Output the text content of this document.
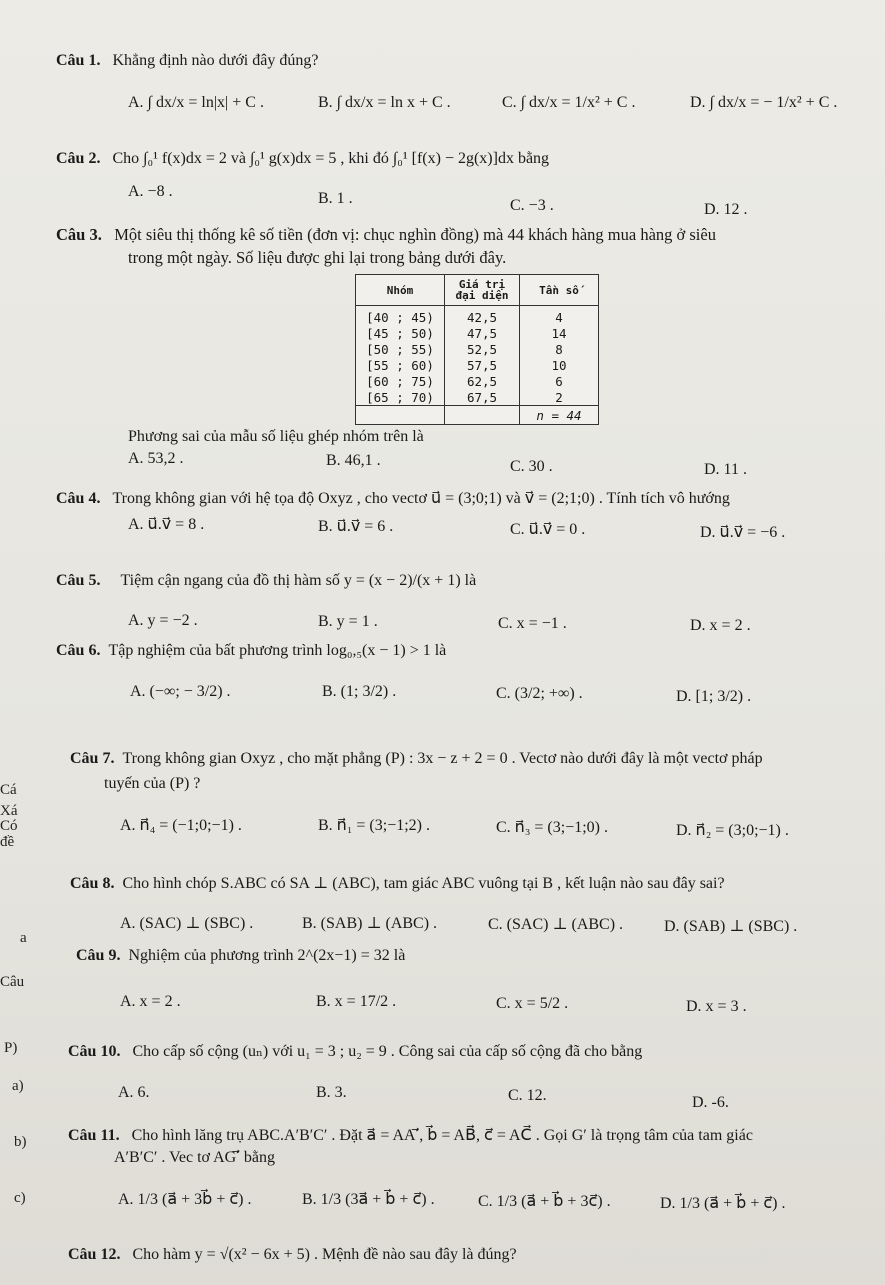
Cá
Xá
Có
đề
a
Câu
P)
a)
b)
c)
Câu 1. Khẳng định nào dưới đây đúng?
A. ∫ dx/x = ln|x| + C .	B. ∫ dx/x = ln x + C .	C. ∫ dx/x = 1/x² + C .	D. ∫ dx/x = − 1/x² + C .
Câu 2. Cho ∫₀¹ f(x)dx = 2 và ∫₀¹ g(x)dx = 5 , khi đó ∫₀¹ [f(x) − 2g(x)]dx bằng
A. −8 .	B. 1 .	C. −3 .	D. 12 .
Câu 3. Một siêu thị thống kê số tiền (đơn vị: chục nghìn đồng) mà 44 khách hàng mua hàng ở siêu
trong một ngày. Số liệu được ghi lại trong bảng dưới đây.
Nhóm	Giá trị đại diện	Tần số
[40 ; 45)	42,5	4
[45 ; 50)	47,5	14
[50 ; 55)	52,5	8
[55 ; 60)	57,5	10
[60 ; 75)	62,5	6
[65 ; 70)	67,5	2
		n = 44
Phương sai của mẫu số liệu ghép nhóm trên là
A. 53,2 .	B. 46,1 .	C. 30 .	D. 11 .
Câu 4. Trong không gian với hệ tọa độ Oxyz , cho vectơ u⃗ = (3;0;1) và v⃗ = (2;1;0) . Tính tích vô hướng
A. u⃗.v⃗ = 8 .	B. u⃗.v⃗ = 6 .	C. u⃗.v⃗ = 0 .	D. u⃗.v⃗ = −6 .
Câu 5. Tiệm cận ngang của đồ thị hàm số y = (x − 2)/(x + 1) là
A. y = −2 .	B. y = 1 .	C. x = −1 .	D. x = 2 .
Câu 6. Tập nghiệm của bất phương trình log₀,₅(x − 1) > 1 là
A. (−∞; − 3/2) .	B. (1; 3/2) .	C. (3/2; +∞) .	D. [1; 3/2) .
Câu 7. Trong không gian Oxyz , cho mặt phẳng (P) : 3x − z + 2 = 0 . Vectơ nào dưới đây là một vectơ pháp
tuyến của (P) ?
A. n⃗₄ = (−1;0;−1) .	B. n⃗₁ = (3;−1;2) .	C. n⃗₃ = (3;−1;0) .	D. n⃗₂ = (3;0;−1) .
Câu 8. Cho hình chóp S.ABC có SA ⊥ (ABC), tam giác ABC vuông tại B , kết luận nào sau đây sai?
A. (SAC) ⊥ (SBC) .	B. (SAB) ⊥ (ABC) .	C. (SAC) ⊥ (ABC) .	D. (SAB) ⊥ (SBC) .
Câu 9. Nghiệm của phương trình 2^(2x−1) = 32 là
A. x = 2 .	B. x = 17/2 .	C. x = 5/2 .	D. x = 3 .
Câu 10. Cho cấp số cộng (uₙ) với u₁ = 3 ; u₂ = 9 . Công sai của cấp số cộng đã cho bằng
A. 6.	B. 3.	C. 12.	D. -6.
Câu 11. Cho hình lăng trụ ABC.A′B′C′ . Đặt a⃗ = AA′⃗, b⃗ = AB⃗, c⃗ = AC⃗ . Gọi G′ là trọng tâm của tam giác
A′B′C′ . Vec tơ AG′⃗ bằng
A. 1/3 (a⃗ + 3b⃗ + c⃗) .	B. 1/3 (3a⃗ + b⃗ + c⃗) .	C. 1/3 (a⃗ + b⃗ + 3c⃗) .	D. 1/3 (a⃗ + b⃗ + c⃗) .
Câu 12. Cho hàm y = √(x² − 6x + 5) . Mệnh đề nào sau đây là đúng?
